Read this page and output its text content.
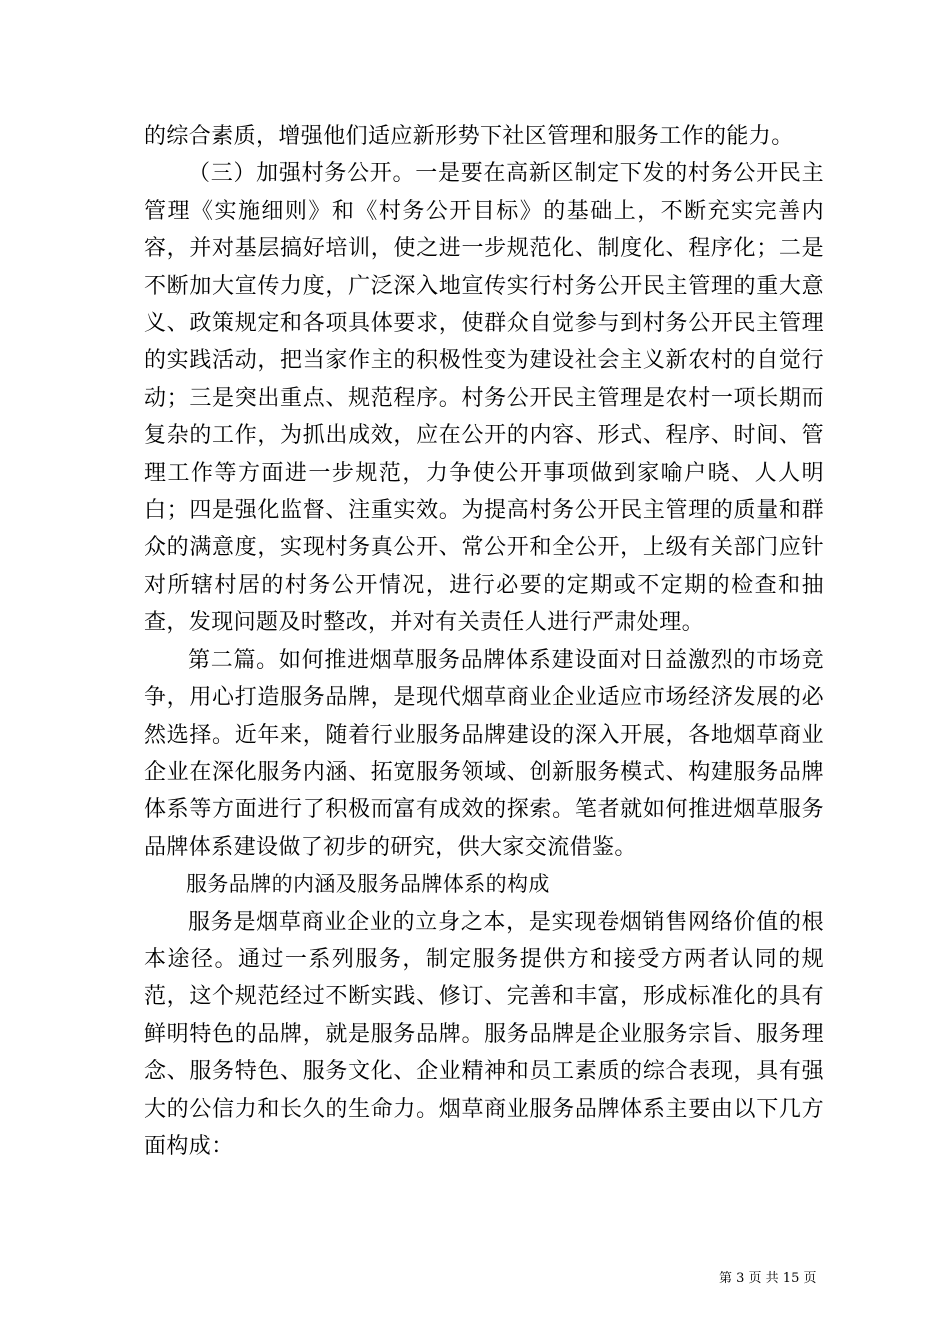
的综合素质，增强他们适应新形势下社区管理和服务工作的能力。

（三）加强村务公开。一是要在高新区制定下发的村务公开民主管理《实施细则》和《村务公开目标》的基础上，不断充实完善内容，并对基层搞好培训，使之进一步规范化、制度化、程序化；二是不断加大宣传力度，广泛深入地宣传实行村务公开民主管理的重大意义、政策规定和各项具体要求，使群众自觉参与到村务公开民主管理的实践活动，把当家作主的积极性变为建设社会主义新农村的自觉行动；三是突出重点、规范程序。村务公开民主管理是农村一项长期而复杂的工作，为抓出成效，应在公开的内容、形式、程序、时间、管理工作等方面进一步规范，力争使公开事项做到家喻户晓、人人明白；四是强化监督、注重实效。为提高村务公开民主管理的质量和群众的满意度，实现村务真公开、常公开和全公开，上级有关部门应针对所辖村居的村务公开情况，进行必要的定期或不定期的检查和抽查，发现问题及时整改，并对有关责任人进行严肃处理。

第二篇。如何推进烟草服务品牌体系建设面对日益激烈的市场竞争，用心打造服务品牌，是现代烟草商业企业适应市场经济发展的必然选择。近年来，随着行业服务品牌建设的深入开展，各地烟草商业企业在深化服务内涵、拓宽服务领域、创新服务模式、构建服务品牌体系等方面进行了积极而富有成效的探索。笔者就如何推进烟草服务品牌体系建设做了初步的研究，供大家交流借鉴。

服务品牌的内涵及服务品牌体系的构成

服务是烟草商业企业的立身之本，是实现卷烟销售网络价值的根本途径。通过一系列服务，制定服务提供方和接受方两者认同的规范，这个规范经过不断实践、修订、完善和丰富，形成标准化的具有鲜明特色的品牌，就是服务品牌。服务品牌是企业服务宗旨、服务理念、服务特色、服务文化、企业精神和员工素质的综合表现，具有强大的公信力和长久的生命力。烟草商业服务品牌体系主要由以下几方面构成：

第 3 页 共 15 页
